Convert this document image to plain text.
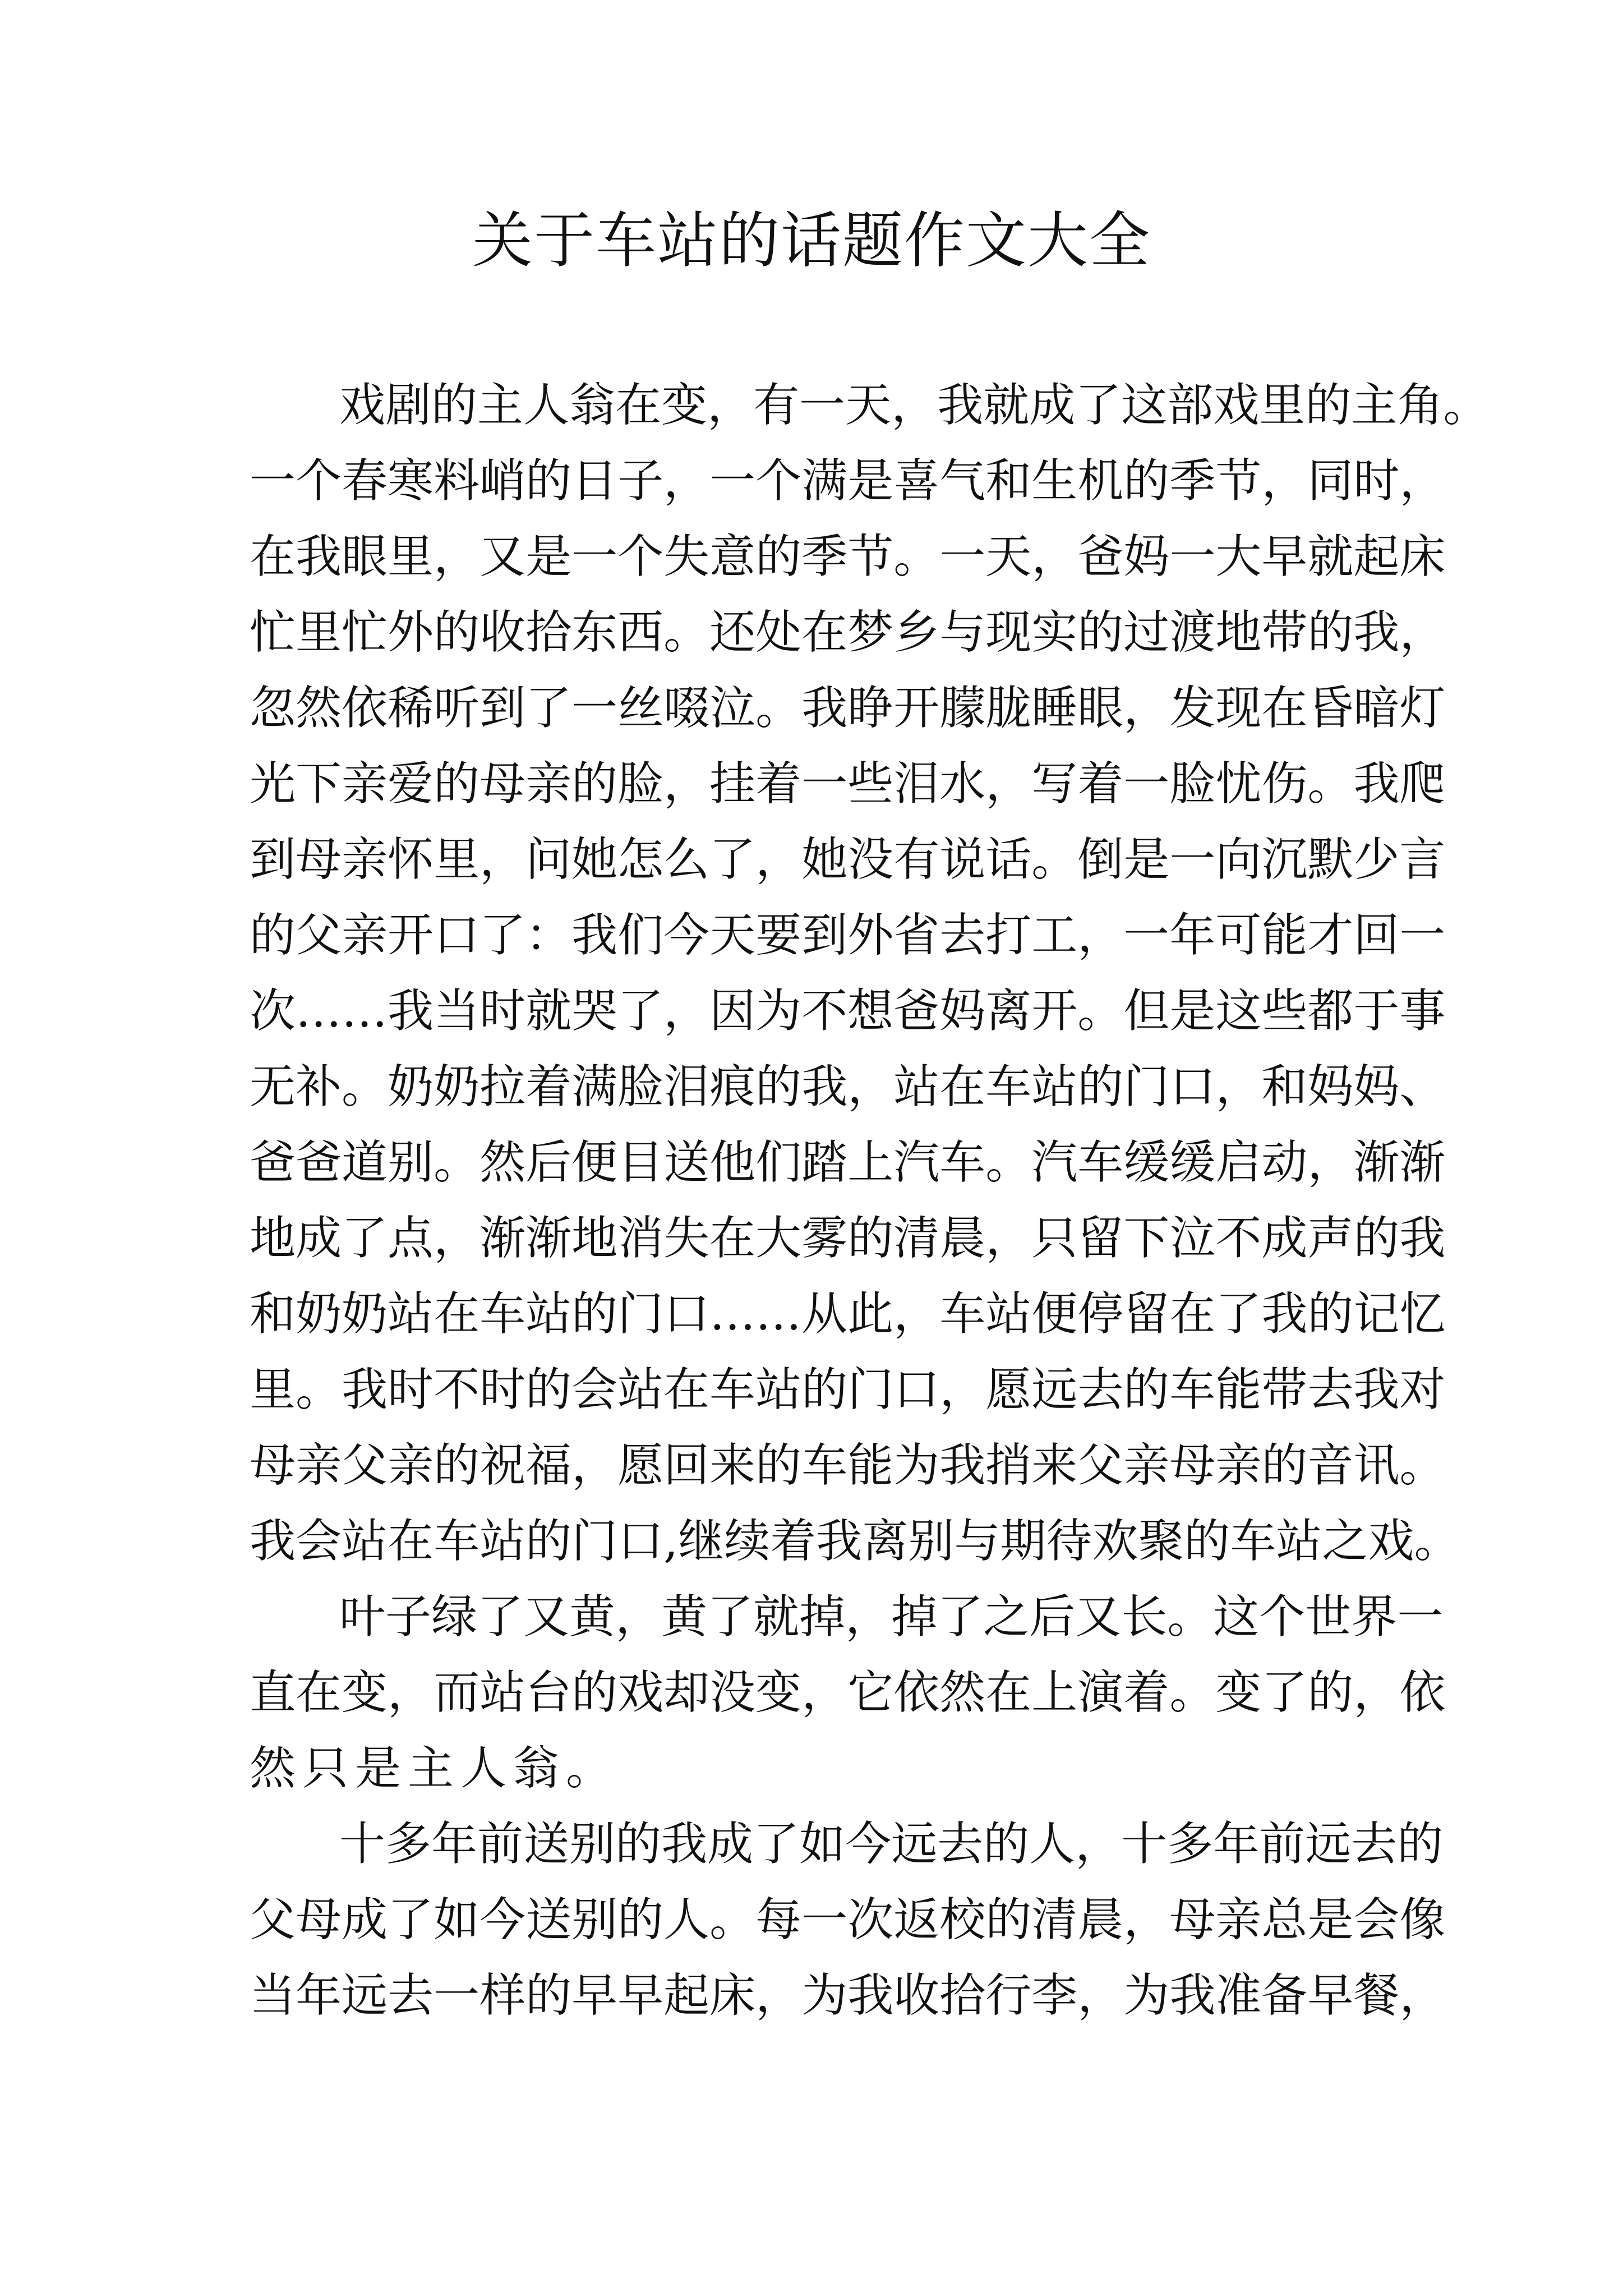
关于车站的话题作文大全

戏 剧 的 主 人 翁 在 变 ， 有 一 天 ， 我 就 成 了 这 部 戏 里 的 主 角 。

一 个 春 寒 料 峭 的 日 子 ， 一 个 满 是 喜 气 和 生 机 的 季 节 ， 同 时 ，

在 我 眼 里 ， 又 是 一 个 失 意 的 季 节 。 一 天 ， 爸 妈 一 大 早 就 起 床

忙 里 忙 外 的 收 拾 东 西 。 还 处 在 梦 乡 与 现 实 的 过 渡 地 带 的 我 ，

忽 然 依 稀 听 到 了 一 丝 啜 泣 。 我 睁 开 朦 胧 睡 眼 ， 发 现 在 昏 暗 灯

光 下 亲 爱 的 母 亲 的 脸 ， 挂 着 一 些 泪 水 ， 写 着 一 脸 忧 伤 。 我 爬

到 母 亲 怀 里 ， 问 她 怎 么 了 ， 她 没 有 说 话 。 倒 是 一 向 沉 默 少 言

的 父 亲 开 口 了 ： 我 们 今 天 要 到 外 省 去 打 工 ， 一 年 可 能 才 回 一

次 … … 我 当 时 就 哭 了 ， 因 为 不 想 爸 妈 离 开 。 但 是 这 些 都 于 事

无 补 。 奶 奶 拉 着 满 脸 泪 痕 的 我 ， 站 在 车 站 的 门 口 ， 和 妈 妈 、

爸 爸 道 别 。 然 后 便 目 送 他 们 踏 上 汽 车 。 汽 车 缓 缓 启 动 ， 渐 渐

地 成 了 点 ， 渐 渐 地 消 失 在 大 雾 的 清 晨 ， 只 留 下 泣 不 成 声 的 我

和 奶 奶 站 在 车 站 的 门 口 … … 从 此 ， 车 站 便 停 留 在 了 我 的 记 忆

里 。 我 时 不 时 的 会 站 在 车 站 的 门 口 ， 愿 远 去 的 车 能 带 去 我 对

母 亲 父 亲 的 祝 福 ， 愿 回 来 的 车 能 为 我 捎 来 父 亲 母 亲 的 音 讯 。

我 会 站 在 车 站 的 门 口 , 继 续 着 我 离 别 与 期 待 欢 聚 的 车 站 之 戏 。

叶 子 绿 了 又 黄 ， 黄 了 就 掉 ， 掉 了 之 后 又 长 。 这 个 世 界 一

直 在 变 ， 而 站 台 的 戏 却 没 变 ， 它 依 然 在 上 演 着 。 变 了 的 ， 依

然只是主人翁。

十 多 年 前 送 别 的 我 成 了 如 今 远 去 的 人 ， 十 多 年 前 远 去 的

父 母 成 了 如 今 送 别 的 人 。 每 一 次 返 校 的 清 晨 ， 母 亲 总 是 会 像

当 年 远 去 一 样 的 早 早 起 床 ， 为 我 收 拾 行 李 ， 为 我 准 备 早 餐 ，
